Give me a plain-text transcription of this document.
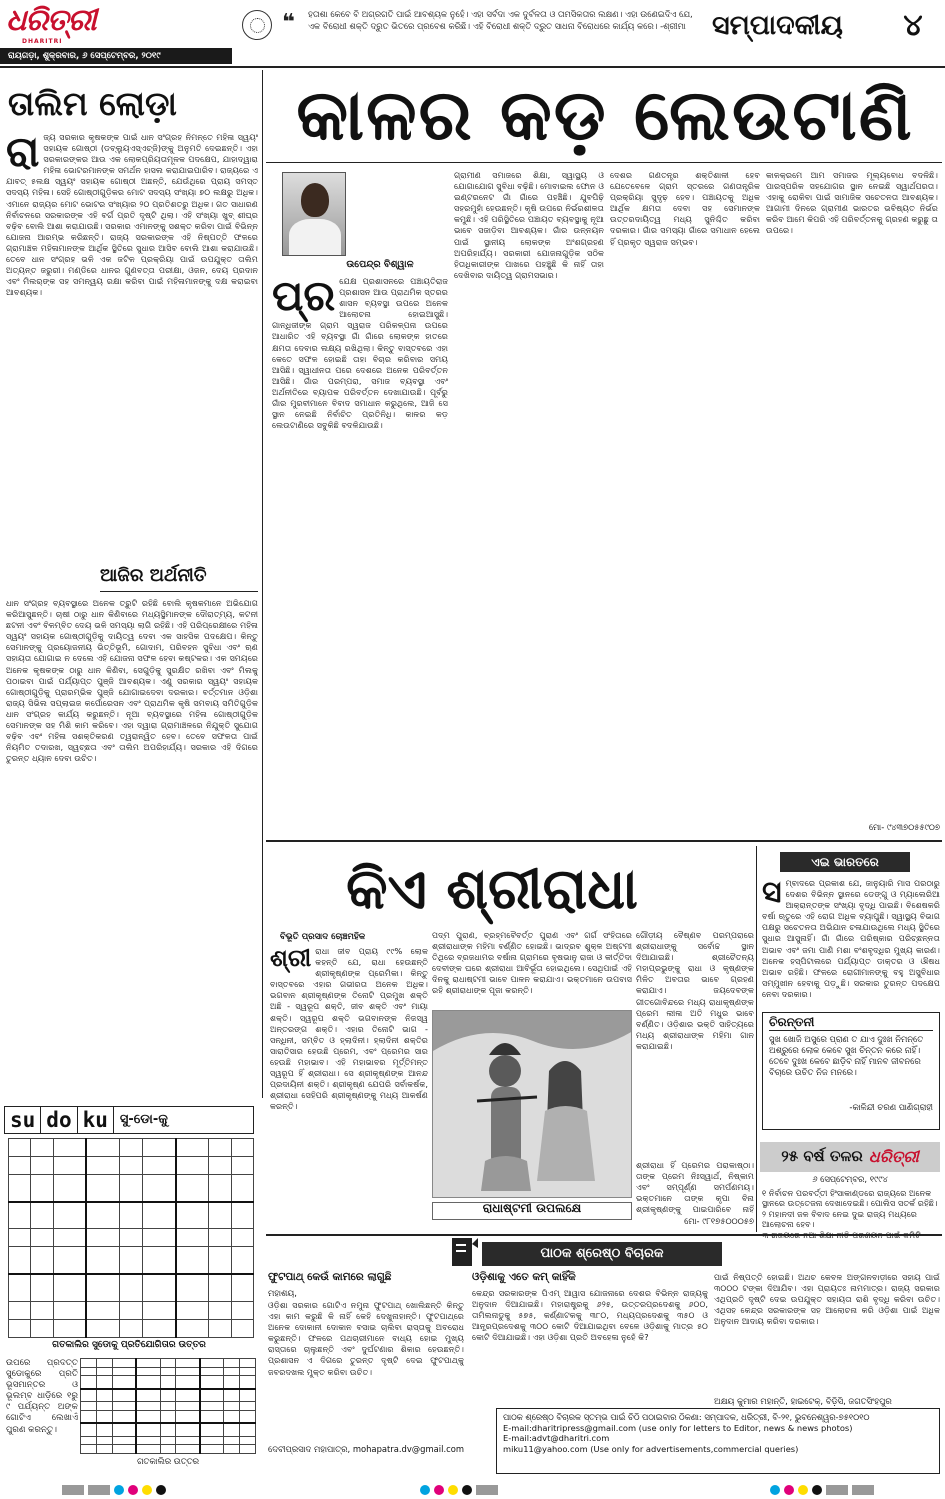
ଧରିତ୍ରୀ
DHARITRI
ରାୟଗଡ଼ା, ଶୁକ୍ରବାର, ୬ ସେପ୍ଟେମ୍ବର, ୨୦୧୯
❝	ହତାଶା କେବେ ବି ଅଗ୍ରଗତି ପାଇଁ ଆବଶ୍ୟକ ନୁହେଁ। ଏହା ସର୍ବଦା ଏକ ଦୁର୍ବଳତା ଓ ତାମସିକତାର ଲକ୍ଷଣ। ଏହା ଉଣେଇଦିଏ ଯେ, ଏକ ବିରୋଧୀ ଶକ୍ତି ଦ୍ରୁତ ଭିତରେ ପ୍ରବେଶ କରିଛି। ଏହି ବିରୋଧୀ ଶକ୍ତି ଦ୍ରୁତ ସାଧନା ବିରୋଧରେ କାର୍ଯ୍ୟ କରେ। -ଶ୍ରୀମା ସମ୍ପାଦକୀୟ	୪
ତାଲିମ ଲୋଡ଼ା
ରାଜ୍ୟ ସରକାର କୃଷକଙ୍କ ପାଇଁ ଧାନ ସଂଗ୍ରହ ନିମନ୍ତେ ମହିଳା ସ୍ୱୟଂ ସହାୟକ ଗୋଷ୍ଠୀ (ଡବ୍ଲ୍ୟୁଏସ୍‌ଏଚ୍‌ଜି)ଙ୍କୁ ଅନୁମତି ଦେଇଛନ୍ତି। ଏହା ସରକାରଙ୍କର ଆଉ ଏକ ଲୋକପ୍ରିୟତାମୂଳକ ପଦକ୍ଷେପ, ଯାହାଦ୍ୱାରା ମହିଳା ଭୋଟରମାନଙ୍କ ସମର୍ଥନ ହାସଲ କରାଯାଇପାରିବ। ରାଜ୍ୟରେ ଏ ଯାବତ୍ ୫ଲକ୍ଷ ସ୍ୱୟଂ ସହାୟକ ଗୋଷ୍ଠୀ ଅଛନ୍ତି, ଯେଉଁଥିରେ ପ୍ରାୟ ସମସ୍ତ ସଦସ୍ୟ ମହିଳା। ସେହି ଗୋଷ୍ଠୀଗୁଡ଼ିକର ମୋଟ ସଦସ୍ୟ ସଂଖ୍ୟା ୭୦ ଲକ୍ଷରୁ ଅଧିକ। ଏମାନେ ରାଜ୍ୟର ମୋଟ ଭୋଟର ସଂଖ୍ୟାର ୨୦ ପ୍ରତିଶତରୁ ଅଧିକ। ଗତ ସାଧାରଣ ନିର୍ବାଚନରେ ସରକାରଙ୍କ ଏହି ବର୍ଗ ପ୍ରତି ଦୃଷ୍ଟି ଥିଲା। ଏହି ସଂଖ୍ୟା ଖୁବ୍ ଶୀଘ୍ର ବଢ଼ିବ ବୋଲି ଆଶା କରାଯାଉଛି। ସରକାର ଏମାନଙ୍କୁ ସଶକ୍ତ କରିବା ପାଇଁ ବିଭିନ୍ନ ଯୋଜନା ଆରମ୍ଭ କରିଛନ୍ତି। ରାଜ୍ୟ ସରକାରଙ୍କ ଏହି ନିଷ୍ପତ୍ତି ଫଳରେ ଗ୍ରାମାଞ୍ଚଳ ମହିଳାମାନଙ୍କ ଆର୍ଥିକ ସ୍ଥିତିରେ ସୁଧାର ଆସିବ ବୋଲି ଆଶା କରାଯାଉଛି। ତେବେ ଧାନ ସଂଗ୍ରହ ଭଳି ଏକ ଜଟିଳ ପ୍ରକ୍ରିୟା ପାଇଁ ଉପଯୁକ୍ତ ତାଲିମ ଅତ୍ୟନ୍ତ ଜରୁରୀ। ମଣ୍ଡିରେ ଧାନର ଗୁଣବତ୍ତା ପରୀକ୍ଷା, ଓଜନ, ଦେୟ ପ୍ରଦାନ ଏବଂ ମିଲର୍‌ଙ୍କ ସହ ସମନ୍ୱୟ ରକ୍ଷା କରିବା ପାଇଁ ମହିଳାମାନଙ୍କୁ ଦକ୍ଷ କରାଇବା ଆବଶ୍ୟକ।
ଆଜିର ଅର୍ଥନୀତି
ଧାନ ସଂଗ୍ରହ ବ୍ୟବସ୍ଥାରେ ଅନେକ ତ୍ରୁଟି ରହିଛି ବୋଲି କୃଷକମାନେ ଅଭିଯୋଗ କରିଆସୁଛନ୍ତି। ଚାଷୀ ଠାରୁ ଧାନ କିଣିବାରେ ମଧ୍ୟସ୍ଥିମାନଙ୍କ ଦୌରାତ୍ମ୍ୟ, କଟନୀ ଛଟନୀ ଏବଂ ବିଳମ୍ବିତ ଦେୟ ଭଳି ସମସ୍ୟା ଲାଗି ରହିଛି। ଏହି ପରିପ୍ରେକ୍ଷୀରେ ମହିଳା ସ୍ୱୟଂ ସହାୟକ ଗୋଷ୍ଠୀଗୁଡ଼ିକୁ ଦାୟିତ୍ୱ ଦେବା ଏକ ସାହସିକ ପଦକ୍ଷେପ। କିନ୍ତୁ ସେମାନଙ୍କୁ ପ୍ରୟୋଜନୀୟ ଭିତ୍ତିଭୂମି, ଗୋଦାମ, ପରିବହନ ସୁବିଧା ଏବଂ ଋଣ ସହାୟତା ଯୋଗାଇ ନ ଦେଲେ ଏହି ଯୋଜନା ସଫଳ ହେବା କଷ୍ଟକର। ଏକ ସମୟରେ ଅନେକ କୃଷକଙ୍କ ଠାରୁ ଧାନ କିଣିବା, ସେଗୁଡ଼ିକୁ ସୁରକ୍ଷିତ ରଖିବା ଏବଂ ମିଲକୁ ପଠାଇବା ପାଇଁ ପର୍ଯ୍ୟାପ୍ତ ପୁଞ୍ଜି ଆବଶ୍ୟକ। ଏଣୁ ସରକାର ସ୍ୱୟଂ ସହାୟକ ଗୋଷ୍ଠୀଗୁଡ଼ିକୁ ପ୍ରାରମ୍ଭିକ ପୁଞ୍ଜି ଯୋଗାଇଦେବା ଦରକାର। ବର୍ତ୍ତମାନ ଓଡ଼ିଶା ରାଜ୍ୟ ସିଭିଲ ସପ୍ଲାଇଜ କର୍ପୋରେସନ ଏବଂ ପ୍ରାଥମିକ କୃଷି ସମବାୟ ସମିତିଗୁଡ଼ିକ ଧାନ ସଂଗ୍ରହ କାର୍ଯ୍ୟ କରୁଛନ୍ତି। ନୂଆ ବ୍ୟବସ୍ଥାରେ ମହିଳା ଗୋଷ୍ଠୀଗୁଡ଼ିକ ସେମାନଙ୍କ ସହ ମିଶି କାମ କରିବେ। ଏହା ଦ୍ୱାରା ଗ୍ରାମାଞ୍ଚଳରେ ନିଯୁକ୍ତି ସୁଯୋଗ ବଢ଼ିବ ଏବଂ ମହିଳା ସଶକ୍ତିକରଣ ତ୍ୱରାନ୍ୱିତ ହେବ। ତେବେ ସଫଳତା ପାଇଁ ନିୟମିତ ତଦାରଖ, ସ୍ୱଚ୍ଛତା ଏବଂ ତାଲିମ ଅପରିହାର୍ଯ୍ୟ। ସରକାର ଏହି ଦିଗରେ ତୁରନ୍ତ ଧ୍ୟାନ ଦେବା ଉଚିତ।
su do ku ସୁ-ଡୋ-କୁ

ଗତକାଲିର ସୁଡୋକୁ ପ୍ରତିଯୋଗିତାର ଉତ୍ତର
ଉପରେ ପ୍ରଦତ୍ତ ସୁଡୋକୁରେ ପ୍ରତି ଭୂସମାନ୍ତର ଓ ଭୂଲମ୍ବ ଧାଡ଼ିରେ ୧ରୁ ୯ ପର୍ଯ୍ୟନ୍ତ ଅଙ୍କ ଗୋଟିଏ ଲେଖାଏଁ ପୁରଣ କରନ୍ତୁ।

ଗତକାଲିର ଉତ୍ତର
କାଳର କଡ଼ ଲେଉଟାଣି
ଉପେନ୍ଦ୍ର ବିଶ୍ୱାଳ
ପ୍ର ଯେକ୍ଷ ପ୍ରଶାସନରେ ପଞ୍ଚାୟତିରାଜ ପ୍ରଶାସନ ଆଉ ପ୍ରାଥମିକ ସ୍ତରର ଶାସନ ବ୍ୟବସ୍ଥା ଉପରେ ଅନେକ ଆଲୋଚନା ହୋଇଆସୁଛି। ଗାନ୍ଧିଜୀଙ୍କ ଗ୍ରାମ ସ୍ୱରାଜ ପରିକଳ୍ପନା ଉପରେ ଆଧାରିତ ଏହି ବ୍ୟବସ୍ଥା ଗାଁ ଗାଁରେ ଲୋକଙ୍କ ହାତରେ କ୍ଷମତା ଦେବାର ଲକ୍ଷ୍ୟ ରଖିଥିଲା। କିନ୍ତୁ ବାସ୍ତବରେ ଏହା କେତେ ସଫଳ ହୋଇଛି ତାହା ବିଚାର କରିବାର ସମୟ ଆସିଛି। ସ୍ୱାଧୀନତା ପରେ ଦେଶରେ ଅନେକ ପରିବର୍ତ୍ତନ ଆସିଛି। ଗାଁର ପରମ୍ପରା, ସମାଜ ବ୍ୟବସ୍ଥା ଏବଂ ଅର୍ଥନୀତିରେ ବ୍ୟାପକ ପରିବର୍ତ୍ତନ ଦେଖାଯାଉଛି। ପୂର୍ବରୁ ଗାଁର ମୁରବୀମାନେ ବିବାଦ ସମାଧାନ କରୁଥିଲେ, ଆଜି ସେ ସ୍ଥାନ ନେଇଛି ନିର୍ବାଚିତ ପ୍ରତିନିଧି। କାଳର କଡ଼ ଲେଉଟାଣିରେ ସବୁକିଛି ବଦଳିଯାଉଛି।
ଗ୍ରାମୀଣ ସମାଜରେ ଶିକ୍ଷା, ସ୍ୱାସ୍ଥ୍ୟ ଓ ଯୋଗାଯୋଗ ସୁବିଧା ବଢ଼ିଛି। ମୋବାଇଲ ଫୋନ ଓ ଇଣ୍ଟରନେଟ ଗାଁ ଗାଁରେ ପହଞ୍ଚିଛି। ଯୁବପିଢ଼ି ସହରମୁହାଁ ହେଉଛନ୍ତି। କୃଷି ଉପରେ ନିର୍ଭରଶୀଳତା କମୁଛି। ଏହି ପରିସ୍ଥିତିରେ ପଞ୍ଚାୟତ ବ୍ୟବସ୍ଥାକୁ ନୂଆ ଭାବେ ସଜାଡ଼ିବା ଆବଶ୍ୟକ। ଗାଁର ଉନ୍ନୟନ ପାଇଁ ସ୍ଥାନୀୟ ଲୋକଙ୍କ ଅଂଶଗ୍ରହଣ ଅପରିହାର୍ଯ୍ୟ। ସରକାରୀ ଯୋଜନାଗୁଡ଼ିକ ସଠିକ ହିତାଧିକାରୀଙ୍କ ପାଖରେ ପହଞ୍ଚୁଛି କି ନାହିଁ ତାହା ଦେଖିବାର ଦାୟିତ୍ୱ ଗ୍ରାମସଭାର।
ଦେଶର ଗଣତନ୍ତ୍ର ଶକ୍ତିଶାଳୀ ହେବ ଯେତେବେଳେ ଗ୍ରାମ ସ୍ତରରେ ଗଣତାନ୍ତ୍ରିକ ପ୍ରକ୍ରିୟା ସୁଦୃଢ଼ ହେବ। ପଞ୍ଚାୟତକୁ ଅଧିକ ଆର୍ଥିକ କ୍ଷମତା ଦେବା ସହ ସେମାନଙ୍କ ଉତ୍ତରଦାୟିତ୍ୱ ମଧ୍ୟ ସୁନିଶ୍ଚିତ କରିବା ଦରକାର। ଗାଁର ସମସ୍ୟା ଗାଁରେ ସମାଧାନ ହେଲେ ହିଁ ପ୍ରକୃତ ସ୍ୱରାଜ ସମ୍ଭବ।
କାଳକ୍ରମେ ଆମ ସମାଜର ମୂଲ୍ୟବୋଧ ବଦଳିଛି। ପାରସ୍ପରିକ ସହଯୋଗର ସ୍ଥାନ ନେଇଛି ସ୍ୱାର୍ଥପରତା। ଏହାକୁ ରୋକିବା ପାଇଁ ସାମାଜିକ ସଚେତନତା ଆବଶ୍ୟକ। ଆଗାମୀ ଦିନରେ ଗ୍ରାମୀଣ ଭାରତର ଭବିଷ୍ୟତ ନିର୍ଭର କରିବ ଆମେ କିପରି ଏହି ପରିବର୍ତ୍ତନକୁ ଗ୍ରହଣ କରୁଛୁ ତା ଉପରେ।
ମୋ- ୯୪୩୭୦୫୫୯୦୭
କିଏ ଶ୍ରୀରାଧା
ବିଭୂତି ପ୍ରସାଦ ଚୋଞ୍ଚମହିକ
ଶ୍ରୀ ରାଧା ଜୀବ ପ୍ରାୟ ୯୯% ଲୋକ କହନ୍ତି ଯେ, ରାଧା ହେଉଛନ୍ତି ଶ୍ରୀକୃଷ୍ଣଙ୍କ ପ୍ରେମିକା। କିନ୍ତୁ ବାସ୍ତବରେ ଏହାର ଗଭୀରତା ଅନେକ ଅଧିକ। ଭଗବାନ ଶ୍ରୀକୃଷ୍ଣଙ୍କ ତିନୋଟି ପ୍ରମୁଖ ଶକ୍ତି ଅଛି - ସ୍ୱରୂପ ଶକ୍ତି, ଜୀବ ଶକ୍ତି ଏବଂ ମାୟା ଶକ୍ତି। ସ୍ୱରୂପ ଶକ୍ତି ଭଗବାନଙ୍କ ନିଜସ୍ୱ ଅନ୍ତରଙ୍ଗ ଶକ୍ତି। ଏହାର ତିନୋଟି ଭାଗ - ସନ୍ଧିନୀ, ସମ୍ବିତ ଓ ହ୍ଲାଦିନୀ। ହ୍ଲାଦିନୀ ଶକ୍ତିର ସାରାତିସାର ହେଉଛି ପ୍ରେମ, ଏବଂ ପ୍ରେମର ସାର ହେଉଛି ମହାଭାବ। ଏହି ମହାଭାବର ମୂର୍ତ୍ତିମନ୍ତ ସ୍ୱରୂପ ହିଁ ଶ୍ରୀରାଧା। ସେ ଶ୍ରୀକୃଷ୍ଣଙ୍କ ଆନନ୍ଦ ପ୍ରଦାୟିନୀ ଶକ୍ତି। ଶ୍ରୀକୃଷ୍ଣ ଯେପରି ସର୍ବାକର୍ଷକ, ଶ୍ରୀରାଧା ସେହିପରି ଶ୍ରୀକୃଷ୍ଣଙ୍କୁ ମଧ୍ୟ ଆକର୍ଷଣ କରନ୍ତି।
ପଦ୍ମ ପୁରାଣ, ବ୍ରହ୍ମବୈବର୍ତ୍ତ ପୁରାଣ ଏବଂ ଗର୍ଗ ସଂହିତାରେ ଶ୍ରୀରାଧାଙ୍କ ମହିମା ବର୍ଣ୍ଣିତ ହୋଇଛି। ଭାଦ୍ରବ ଶୁକ୍ଳ ଅଷ୍ଟମୀ ତିଥିରେ ବ୍ରଜଧାମର ବର୍ଷାନା ଗ୍ରାମରେ ବୃଷଭାନୁ ରାଜା ଓ କୀର୍ତ୍ତିଦା ଦେବୀଙ୍କ ଘରେ ଶ୍ରୀରାଧା ଆବିର୍ଭୂତା ହୋଇଥିଲେ। ସେଥିପାଇଁ ଏହି ଦିନକୁ ରାଧାଷ୍ଟମୀ ଭାବେ ପାଳନ କରାଯାଏ। ଭକ୍ତମାନେ ଉପବାସ ରହି ଶ୍ରୀରାଧାଙ୍କ ପୂଜା କରନ୍ତି।
ରାଧାଷ୍ଟମୀ ଉପଲକ୍ଷେ
ଗୌଡ଼ୀୟ ବୈଷ୍ଣବ ପରମ୍ପରାରେ ଶ୍ରୀରାଧାଙ୍କୁ ସର୍ବୋଚ୍ଚ ସ୍ଥାନ ଦିଆଯାଇଛି। ଶ୍ରୀଚୈତନ୍ୟ ମହାପ୍ରଭୁଙ୍କୁ ରାଧା ଓ କୃଷ୍ଣଙ୍କ ମିଳିତ ଅବତାର ଭାବେ ଗ୍ରହଣ କରାଯାଏ। ଜୟଦେବଙ୍କ ଗୀତଗୋବିନ୍ଦରେ ମଧ୍ୟ ରାଧାକୃଷ୍ଣଙ୍କ ପ୍ରେମ ଲୀଳା ଅତି ମଧୁର ଭାବେ ବର୍ଣ୍ଣିତ। ଓଡ଼ିଶାର ଭକ୍ତି ସାହିତ୍ୟରେ ମଧ୍ୟ ଶ୍ରୀରାଧାଙ୍କ ମହିମା ଗାନ କରାଯାଇଛି।
ଶ୍ରୀରାଧା ହିଁ ପ୍ରେମର ପରାକାଷ୍ଠା। ତାଙ୍କ ପ୍ରେମ ନିଃସ୍ୱାର୍ଥ, ନିଷ୍କାମ ଏବଂ ସମ୍ପୂର୍ଣ୍ଣ ସମର୍ପଣମୟ। ଭକ୍ତମାନେ ତାଙ୍କ କୃପା ବିନା ଶ୍ରୀକୃଷ୍ଣଙ୍କୁ ପାଇପାରିବେ ନାହିଁ
ମୋ- ୯୮୧୭୫୦୦୦୫୭
ଏଇ ଭାରତରେ
ସମ୍ବାଦରେ ପ୍ରକାଶ ଯେ, ଜାନୁୟାରି ମାସ ପରଠାରୁ ଦେଶର ବିଭିନ୍ନ ସ୍ଥାନରେ ଡେଙ୍ଗୁ ଓ ମ୍ୟାଲେରିଆ ଆକ୍ରାନ୍ତଙ୍କ ସଂଖ୍ୟା ବୃଦ୍ଧି ପାଇଛି। ବିଶେଷକରି ବର୍ଷା ଋତୁରେ ଏହି ରୋଗ ଅଧିକ ବ୍ୟାପୁଛି। ସ୍ୱାସ୍ଥ୍ୟ ବିଭାଗ ପକ୍ଷରୁ ସଚେତନତା ଅଭିଯାନ ଚଳାଯାଉଥିଲେ ମଧ୍ୟ ସ୍ଥିତିରେ ସୁଧାର ଆସୁନାହିଁ। ଗାଁ ଗାଁରେ ପରିଷ୍କାର ପରିଚ୍ଛନ୍ନତା ଅଭାବ ଏବଂ ଜମା ପାଣି ମଶା ବଂଶବୃଦ୍ଧିର ମୁଖ୍ୟ କାରଣ। ଅନେକ ହସ୍ପିଟାଲରେ ପର୍ଯ୍ୟାପ୍ତ ଡାକ୍ତର ଓ ଔଷଧ ଅଭାବ ରହିଛି। ଫଳରେ ରୋଗୀମାନଙ୍କୁ ବହୁ ଅସୁବିଧାର ସମ୍ମୁଖୀନ ହେବାକୁ ପଡ଼ୁଛି। ସରକାର ତୁରନ୍ତ ପଦକ୍ଷେପ ନେବା ଦରକାର।
ଚିରନ୍ତନୀ
ସୁଖ ଖୋଜି ଅସୁରେ ପ୍ରାଣ ତ ଯାଏ ଦୁଃଖ ନିମନ୍ତେ ଅଶ୍ରୁରେ ଲୋକ କେବେ ସୁଖ ଚିନ୍ତନ କରେ ନାହିଁ। ତେବେ ଦୁଃଖ କେବେ ଛାଡ଼ିବ ନାହିଁ ମାନବ ଜୀବନରେ ବିଚାରେ ଉଚିତ ନିଜ ମନରେ।
-କାଳିନ୍ଦୀ ଚରଣ ପାଣିଗ୍ରାହୀ
୨୫ ବର୍ଷ ତଳର ଧରିତ୍ରୀ
୬ ସେପ୍ଟେମ୍ବର, ୧୯୯୪
୧ ନିର୍ବାଚନ ପରବର୍ତ୍ତୀ ହିଂସାକାଣ୍ଡରେ ରାଜ୍ୟରେ ଅନେକ ସ୍ଥାନରେ ଉତ୍ତେଜନା ଦେଖାଦେଇଛି। ପୋଲିସ ସତର୍କ ରହିଛି।
୨ ମହାନଦୀ ଜଳ ବିବାଦ ନେଇ ଦୁଇ ରାଜ୍ୟ ମଧ୍ୟରେ ଆଲୋଚନା ହେବ।
ପାଠକ ଶ୍ରେଷ୍ଠ ବିଚାରକ
ଫୁଟପାଥ୍ କେଉଁ କାମରେ ଲାଗୁଛି
ମହାଶୟ,
ଓଡ଼ିଶା ସରକାର ଗୋଟିଏ ନମୁନା ଫୁଟପାଥ୍ ଖୋଲିଛନ୍ତି କିନ୍ତୁ ଏହା କାମ କରୁଛି କି ନାହିଁ କେହି ଦେଖୁନାହାନ୍ତି। ଫୁଟପାଥ୍‌ରେ ଅନେକ ଦୋକାନୀ ଦୋକାନ ବସାଇ ଚାଲିବା ରାସ୍ତାକୁ ଅବରୋଧ କରୁଛନ୍ତି। ଫଳରେ ପଥଚାରୀମାନେ ବାଧ୍ୟ ହୋଇ ମୁଖ୍ୟ ରାସ୍ତାରେ ଚାଲୁଛନ୍ତି ଏବଂ ଦୁର୍ଘଟଣାର ଶିକାର ହେଉଛନ୍ତି। ପ୍ରଶାସନ ଏ ଦିଗରେ ତୁରନ୍ତ ଦୃଷ୍ଟି ଦେଇ ଫୁଟପାଥ୍‌କୁ ଜବରଦଖଲ ମୁକ୍ତ କରିବା ଉଚିତ।
ଦେବୀପ୍ରସାଦ ମହାପାତ୍ର, mohapatra.dv@gmail.com
ଓଡ଼ିଶାକୁ ଏତେ କମ୍ କାହିଁକି
କେନ୍ଦ୍ର ସରକାରଙ୍କ ପିଏମ୍ ଆୱାସ ଯୋଜନାରେ ଦେଶର ବିଭିନ୍ନ ରାଜ୍ୟକୁ ଅନୁଦାନ ଦିଆଯାଇଛି। ମହାରାଷ୍ଟ୍ରକୁ ୬୨୫, ଉତ୍ତରପ୍ରଦେଶକୁ ୬୦୦, ତାମିଲନାଡୁକୁ ୫୭୫, କର୍ଣ୍ଣାଟକକୁ ୩୮୦, ମଧ୍ୟପ୍ରଦେଶକୁ ୩୫୦ ଓ ଆନ୍ଧ୍ରପ୍ରଦେଶକୁ ୩୦୦ କୋଟି ଦିଆଯାଇଥିବା ବେଳେ ଓଡ଼ିଶାକୁ ମାତ୍ର ୫୦ କୋଟି ଦିଆଯାଇଛି। ଏହା ଓଡ଼ିଶା ପ୍ରତି ଅବହେଳା ନୁହେଁ କି?
ପାଇଁ ନିଷ୍ପତ୍ତି ହୋଇଛି। ଅଥଚ କେବଳ ଅଙ୍ଗନବାଡ଼ୀରେ ସହାୟ ପାଇଁ ୩୦୦୦ ଟଙ୍କା ଦିଆଯିବ। ଏହା ପ୍ରାୟତଃ ନାମମାତ୍ର। ରାଜ୍ୟ ସରକାର ଏଥିପ୍ରତି ଦୃଷ୍ଟି ଦେଇ ଉପଯୁକ୍ତ ସହାୟତା ରାଶି ବୃଦ୍ଧି କରିବା ଉଚିତ। ଏଥିସହ କେନ୍ଦ୍ର ସରକାରଙ୍କ ସହ ଆଲୋଚନା କରି ଓଡ଼ିଶା ପାଇଁ ଅଧିକ ଅନୁଦାନ ଆଦାୟ କରିବା ଦରକାର।
ଅକ୍ଷୟ କୁମାର ମହାନ୍ତି, ହାଇଟେକ୍, ବିଡ଼ିସି, ଜଗତସିଂହପୁର
ପାଠକ ଶ୍ରେଷ୍ଠ ବିଚାରକ ସ୍ତମ୍ଭ ପାଇଁ ଚିଠି ପଠାଇବାର ଠିକଣା: ସମ୍ପାଦକ, ଧରିତ୍ରୀ, ବି-୨୧, ଭୁବନେଶ୍ୱର-୭୫୧୦୧୦
E-mail:dharitripress@gmail.com (use only for letters to Editor, news & news photos)
E-mail:advt@dharitri.com
miku11@yahoo.com (Use only for advertisements,commercial queries)
